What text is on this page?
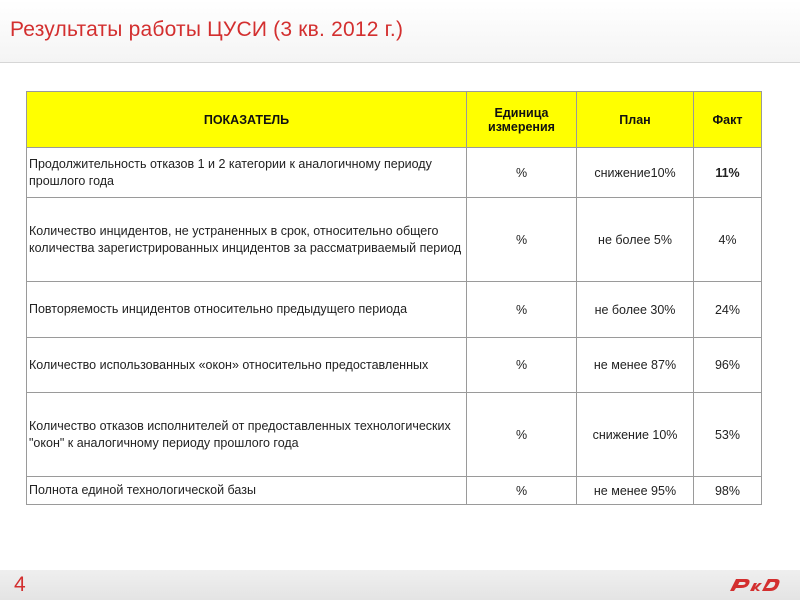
Результаты работы ЦУСИ (3 кв. 2012 г.)
ПОКАЗАТЕЛЬ	Единица измерения	План	Факт
Продолжительность отказов 1 и 2 категории к аналогичному периоду прошлого года	%	снижение10%	11%
Количество инцидентов, не устраненных в срок, относительно общего количества зарегистрированных инцидентов за рассматриваемый период	%	не более 5%	4%
Повторяемость инцидентов относительно предыдущего периода	%	не более 30%	24%
Количество использованных «окон» относительно предоставленных	%	не менее 87%	96%
Количество отказов исполнителей от предоставленных технологических "окон" к аналогичному периоду прошлого года	%	снижение 10%	53%
Полнота единой технологической базы	%	не менее 95%	98%
4
